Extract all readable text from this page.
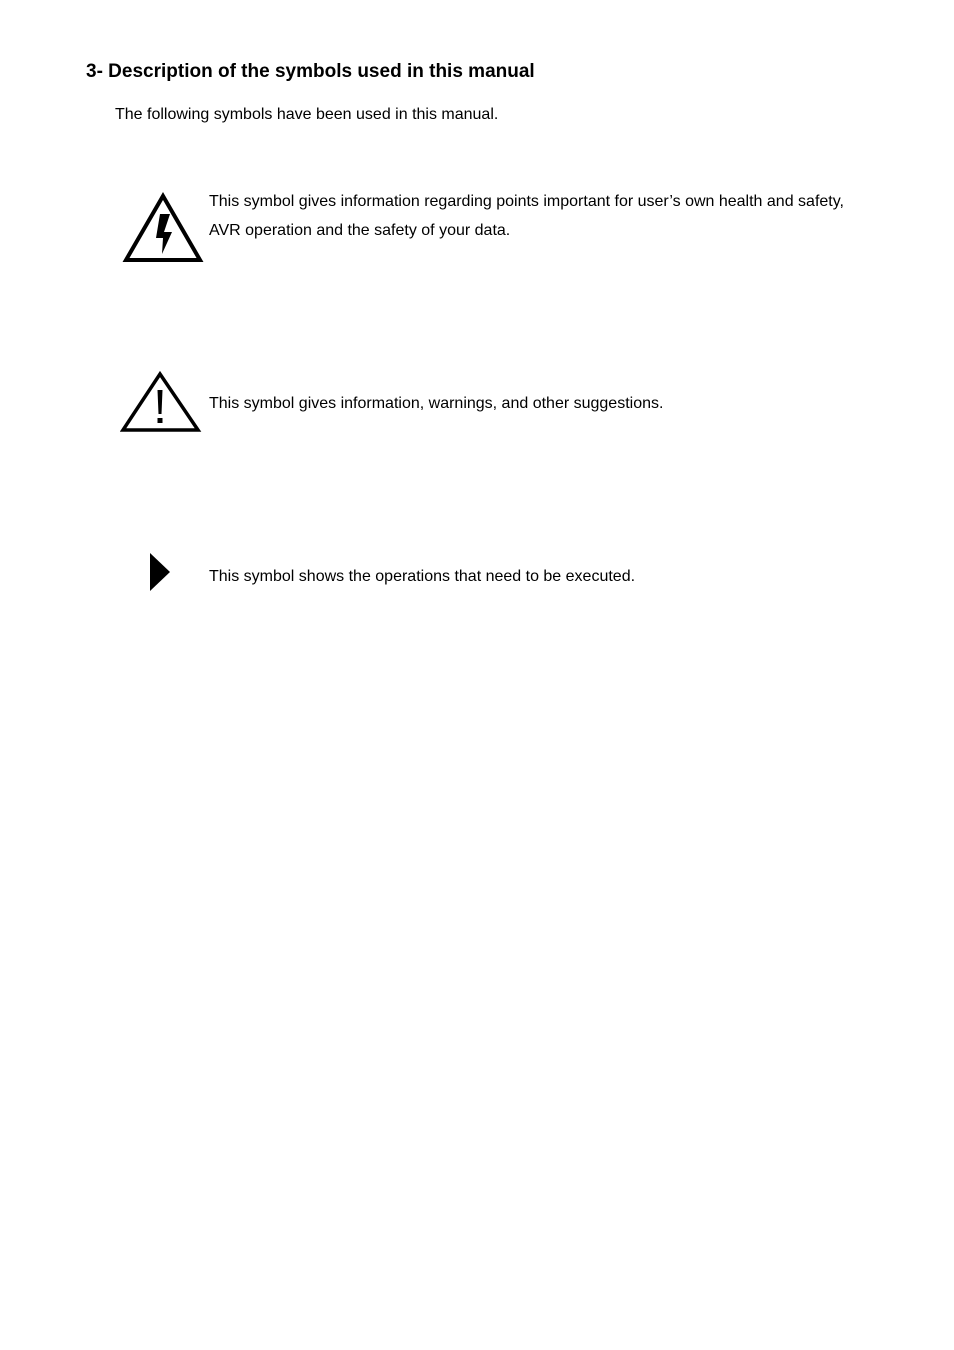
3- Description of the symbols used in this manual

The following symbols have been used in this manual.

This symbol gives information regarding points important for user’s own health and safety, AVR operation and the safety of your data.

This symbol gives information, warnings, and other suggestions.

This symbol shows the operations that need to be executed.
